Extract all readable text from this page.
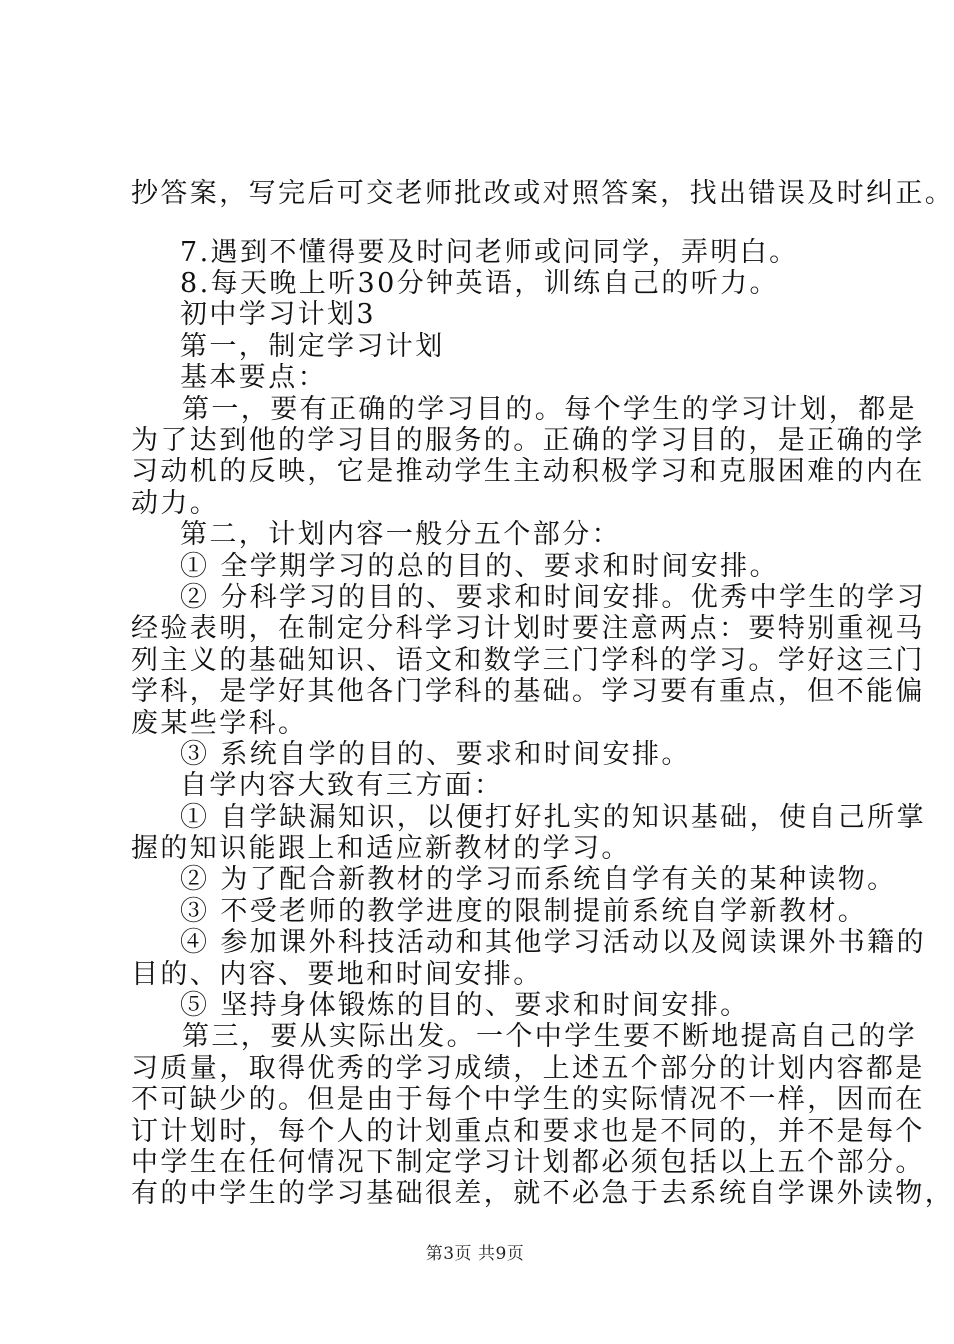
抄答案，写完后可交老师批改或对照答案，找出错误及时纠正。
7.遇到不懂得要及时问老师或问同学，弄明白。
8.每天晚上听30分钟英语，训练自己的听力。
初中学习计划3
第一，制定学习计划
基本要点：
第一，要有正确的学习目的。每个学生的学习计划，都是
为了达到他的学习目的服务的。正确的学习目的，是正确的学
习动机的反映，它是推动学生主动积极学习和克服困难的内在
动力。
第二，计划内容一般分五个部分：
① 全学期学习的总的目的、要求和时间安排。
② 分科学习的目的、要求和时间安排。优秀中学生的学习
经验表明，在制定分科学习计划时要注意两点：要特别重视马
列主义的基础知识、语文和数学三门学科的学习。学好这三门
学科，是学好其他各门学科的基础。学习要有重点，但不能偏
废某些学科。
③ 系统自学的目的、要求和时间安排。
自学内容大致有三方面：
① 自学缺漏知识，以便打好扎实的知识基础，使自己所掌
握的知识能跟上和适应新教材的学习。
② 为了配合新教材的学习而系统自学有关的某种读物。
③ 不受老师的教学进度的限制提前系统自学新教材。
④ 参加课外科技活动和其他学习活动以及阅读课外书籍的
目的、内容、要地和时间安排。
⑤ 坚持身体锻炼的目的、要求和时间安排。
第三，要从实际出发。一个中学生要不断地提高自己的学
习质量，取得优秀的学习成绩，上述五个部分的计划内容都是
不可缺少的。但是由于每个中学生的实际情况不一样，因而在
订计划时，每个人的计划重点和要求也是不同的，并不是每个
中学生在任何情况下制定学习计划都必须包括以上五个部分。
有的中学生的学习基础很差，就不必急于去系统自学课外读物，
第3页 共9页
